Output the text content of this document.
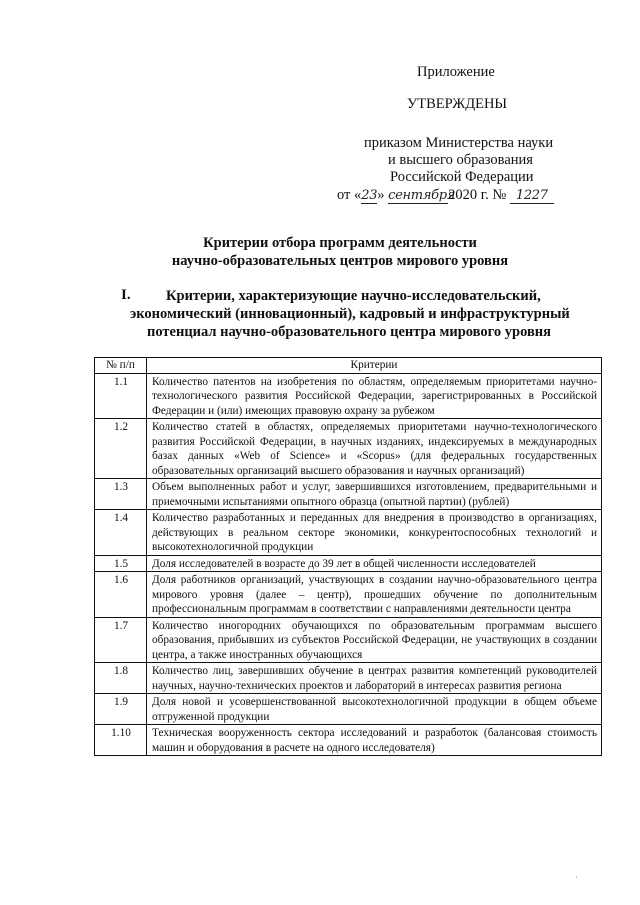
Приложение
УТВЕРЖДЕНЫ
приказом Министерства науки
и высшего образования
Российской Федерации
от «23» сентября2020 г. № 1227
Критерии отбора программ деятельности
научно-образовательных центров мирового уровня
I. Критерии, характеризующие научно-исследовательский,
экономический (инновационный), кадровый и инфраструктурный
потенциал научно-образовательного центра мирового уровня
№ п/п	Критерии
1.1	Количество патентов на изобретения по областям, определяемым приоритетами научно-технологического развития Российской Федерации, зарегистрированных в Российской Федерации и (или) имеющих правовую охрану за рубежом
1.2	Количество статей в областях, определяемых приоритетами научно-технологического развития Российской Федерации, в научных изданиях, индексируемых в международных базах данных «Web of Science» и «Scopus» (для федеральных государственных образовательных организаций высшего образования и научных организаций)
1.3	Объем выполненных работ и услуг, завершившихся изготовлением, предварительными и приемочными испытаниями опытного образца (опытной партии) (рублей)
1.4	Количество разработанных и переданных для внедрения в производство в организациях, действующих в реальном секторе экономики, конкурентоспособных технологий и высокотехнологичной продукции
1.5	Доля исследователей в возрасте до 39 лет в общей численности исследователей
1.6	Доля работников организаций, участвующих в создании научно-образовательного центра мирового уровня (далее – центр), прошедших обучение по дополнительным профессиональным программам в соответствии с направлениями деятельности центра
1.7	Количество иногородних обучающихся по образовательным программам высшего образования, прибывших из субъектов Российской Федерации, не участвующих в создании центра, а также иностранных обучающихся
1.8	Количество лиц, завершивших обучение в центрах развития компетенций руководителей научных, научно-технических проектов и лабораторий в интересах развития региона
1.9	Доля новой и усовершенствованной высокотехнологичной продукции в общем объеме отгруженной продукции
1.10	Техническая вооруженность сектора исследований и разработок (балансовая стоимость машин и оборудования в расчете на одного исследователя)
·
